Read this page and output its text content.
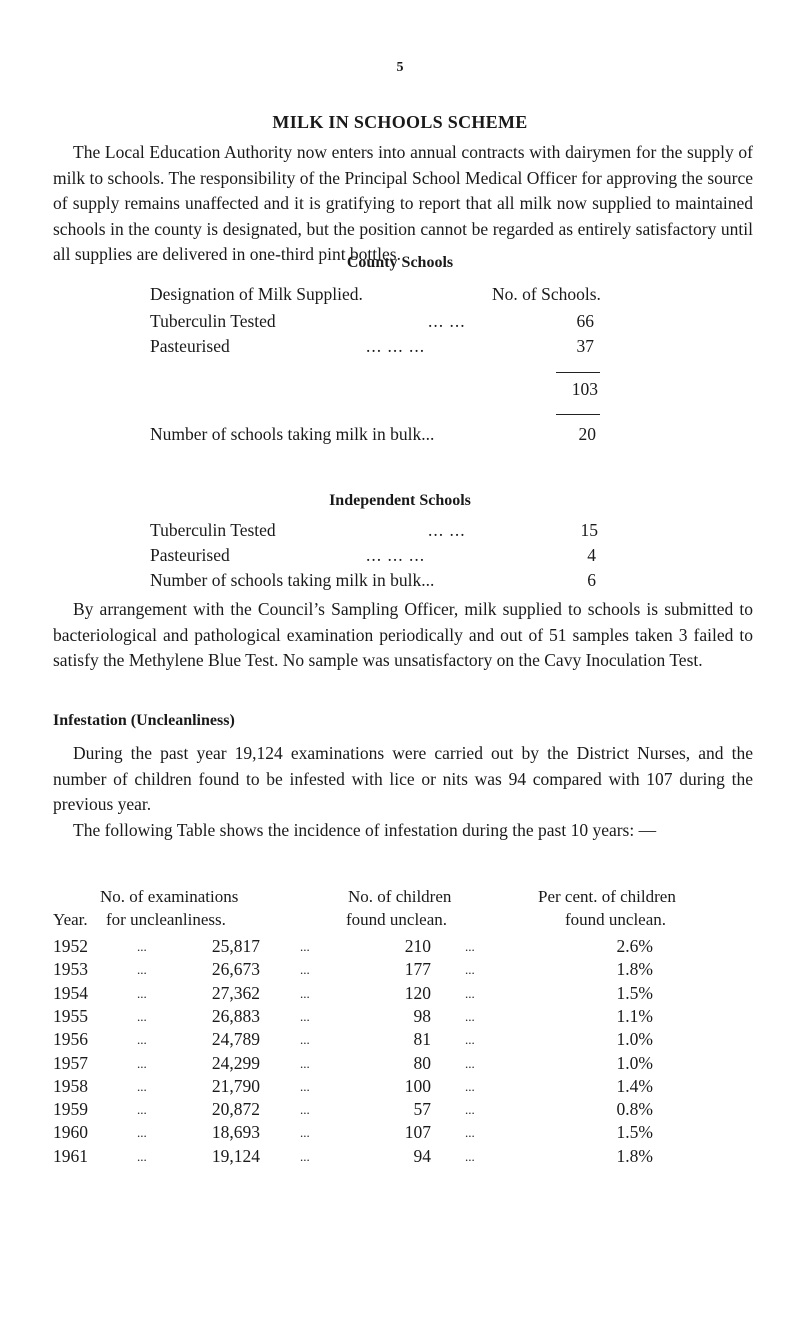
5
MILK IN SCHOOLS SCHEME

The Local Education Authority now enters into annual contracts with dairymen for the supply of milk to schools. The responsibility of the Principal School Medical Officer for approving the source of supply remains unaffected and it is gratifying to report that all milk now supplied to maintained schools in the county is designated, but the position cannot be regarded as entirely satisfactory until all supplies are delivered in one-third pint bottles.

County Schools
Designation of Milk Supplied.	No. of Schools.
Tuberculin Tested	... ...	66
Pasteurised	... ... ...	37
103
Number of schools taking milk in bulk...	20
Independent Schools
Tuberculin Tested	... ...	15
Pasteurised	... ... ...	4
Number of schools taking milk in bulk...	6

By arrangement with the Council’s Sampling Officer, milk supplied to schools is submitted to bacteriological and pathological examination periodically and out of 51 samples taken 3 failed to satisfy the Methylene Blue Test. No sample was unsatisfactory on the Cavy Inoculation Test.

Infestation (Uncleanliness)

During the past year 19,124 examinations were carried out by the District Nurses, and the number of children found to be infested with lice or nits was 94 compared with 107 during the previous year.

The following Table shows the incidence of infestation during the past 10 years: —

No. of examinations
Year. for uncleanliness.
No. of children
found unclean.
Per cent. of children
found unclean.
1952	...	25,817	...	210	...	2.6%
1953	...	26,673	...	177	...	1.8%
1954	...	27,362	...	120	...	1.5%
1955	...	26,883	...	98	...	1.1%
1956	...	24,789	...	81	...	1.0%
1957	...	24,299	...	80	...	1.0%
1958	...	21,790	...	100	...	1.4%
1959	...	20,872	...	57	...	0.8%
1960	...	18,693	...	107	...	1.5%
1961	...	19,124	...	94	...	1.8%
